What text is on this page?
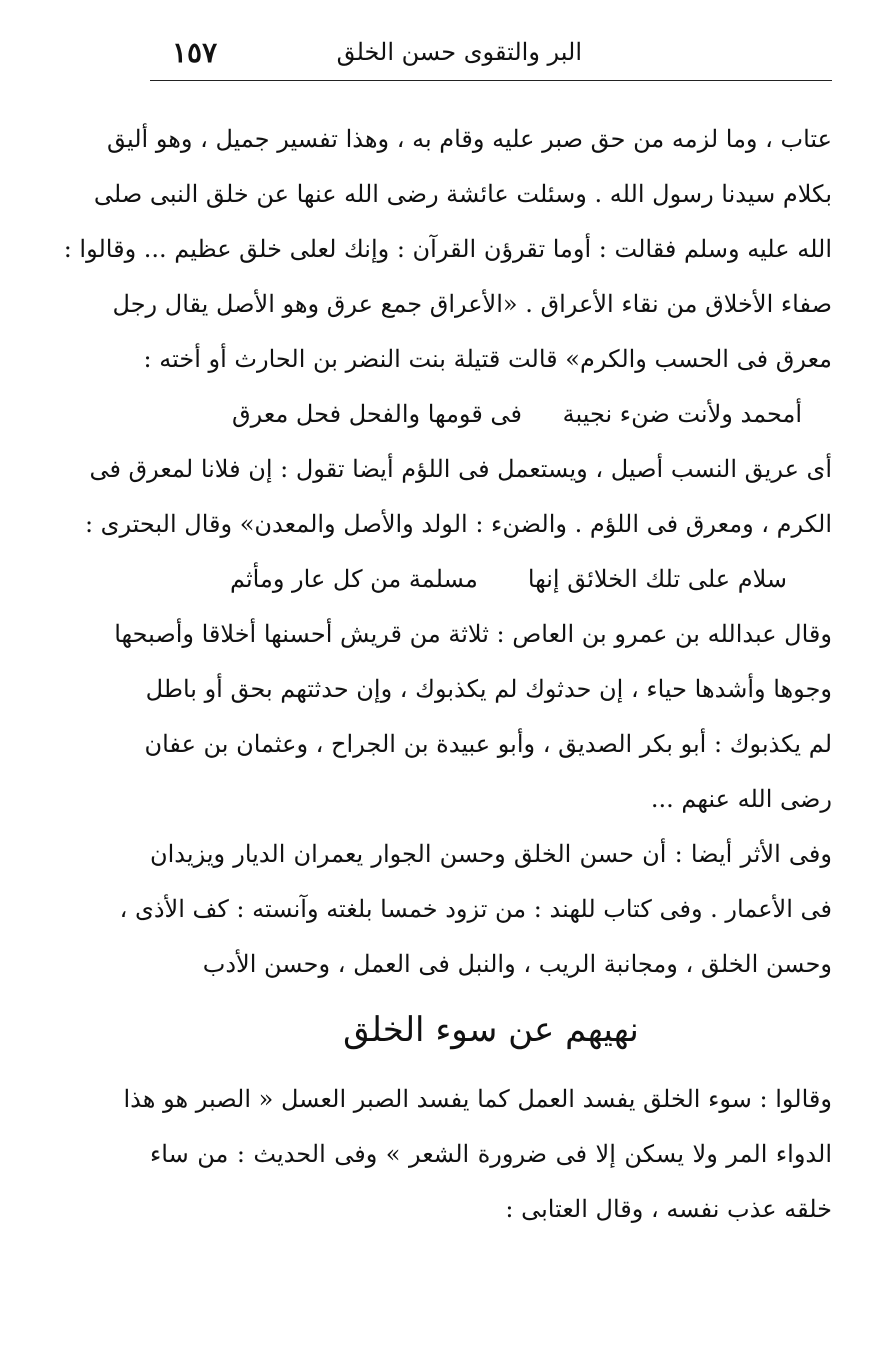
البر والتقوى حسن الخلق
١٥٧
عتاب ، وما لزمه من حق صبر عليه وقام به ، وهذا تفسير جميل ، وهو أليق
بكلام سيدنا رسول الله . وسئلت عائشة رضى الله عنها عن خلق النبى صلى
الله عليه وسلم فقالت : أوما تقرؤن القرآن : وإنك لعلى خلق عظيم ... وقالوا :
صفاء الأخلاق من نقاء الأعراق . «الأعراق جمع عرق وهو الأصل يقال رجل
معرق فى الحسب والكرم» قالت قتيلة بنت النضر بن الحارث أو أخته :
أمحمد ولأنت ضنء نجيبة
فى قومها والفحل فحل معرق
أى عريق النسب أصيل ، ويستعمل فى اللؤم أيضا تقول : إن فلانا لمعرق فى
الكرم ، ومعرق فى اللؤم . والضنء : الولد والأصل والمعدن» وقال البحترى :
سلام على تلك الخلائق إنها
مسلمة من كل عار ومأثم
وقال عبدالله بن عمرو بن العاص : ثلاثة من قريش أحسنها أخلاقا وأصبحها
وجوها وأشدها حياء ، إن حدثوك لم يكذبوك ، وإن حدثتهم بحق أو باطل
لم يكذبوك : أبو بكر الصديق ، وأبو عبيدة بن الجراح ، وعثمان بن عفان
رضى الله عنهم ...
وفى الأثر أيضا : أن حسن الخلق وحسن الجوار يعمران الديار ويزيدان
فى الأعمار . وفى كتاب للهند : من تزود خمسا بلغته وآنسته : كف الأذى ،
وحسن الخلق ، ومجانبة الريب ، والنبل فى العمل ، وحسن الأدب
نهيهم عن سوء الخلق
وقالوا : سوء الخلق يفسد العمل كما يفسد الصبر العسل « الصبر هو هذا
الدواء المر ولا يسكن إلا فى ضرورة الشعر » وفى الحديث : من ساء
خلقه عذب نفسه ، وقال العتابى :
